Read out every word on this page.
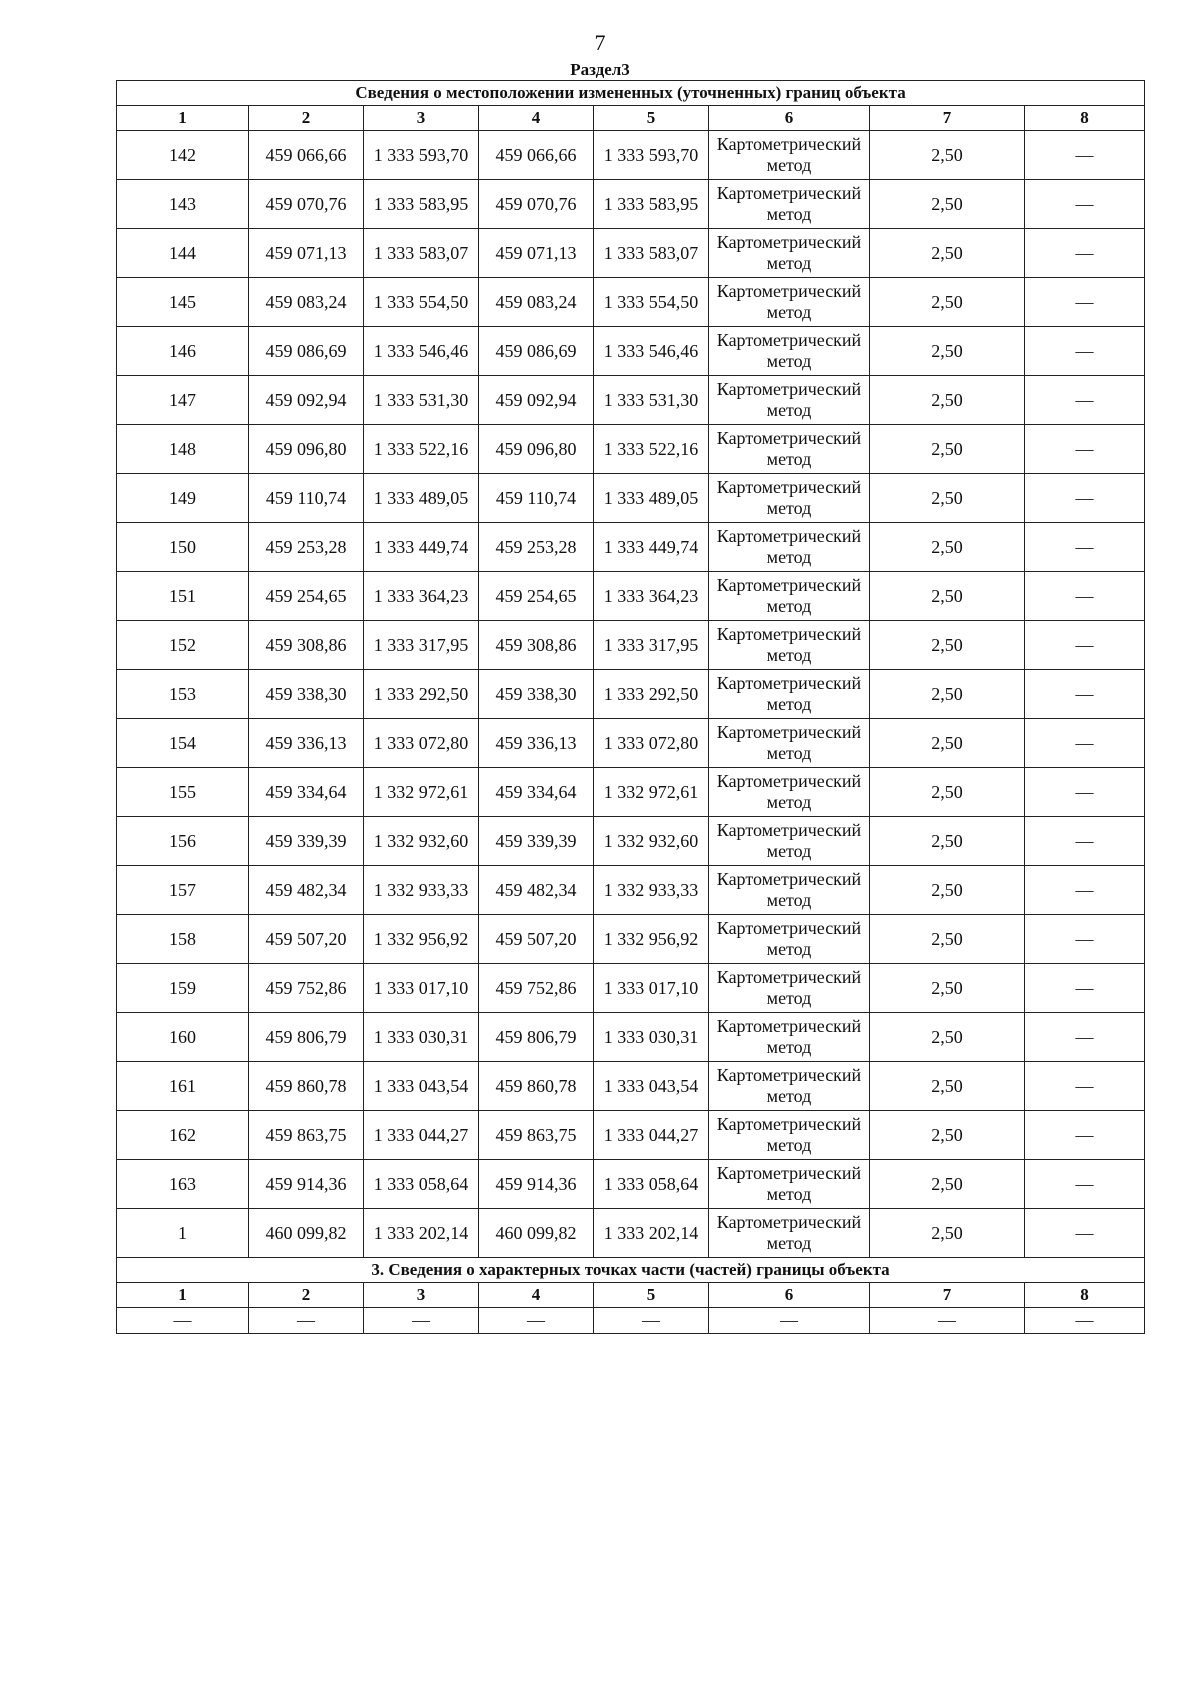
7
Раздел3
Сведения о местоположении измененных (уточненных) границ объекта							
1	2	3	4	5	6	7	8
142	459 066,66	1 333 593,70	459 066,66	1 333 593,70	Картометрический метод	2,50	—
143	459 070,76	1 333 583,95	459 070,76	1 333 583,95	Картометрический метод	2,50	—
144	459 071,13	1 333 583,07	459 071,13	1 333 583,07	Картометрический метод	2,50	—
145	459 083,24	1 333 554,50	459 083,24	1 333 554,50	Картометрический метод	2,50	—
146	459 086,69	1 333 546,46	459 086,69	1 333 546,46	Картометрический метод	2,50	—
147	459 092,94	1 333 531,30	459 092,94	1 333 531,30	Картометрический метод	2,50	—
148	459 096,80	1 333 522,16	459 096,80	1 333 522,16	Картометрический метод	2,50	—
149	459 110,74	1 333 489,05	459 110,74	1 333 489,05	Картометрический метод	2,50	—
150	459 253,28	1 333 449,74	459 253,28	1 333 449,74	Картометрический метод	2,50	—
151	459 254,65	1 333 364,23	459 254,65	1 333 364,23	Картометрический метод	2,50	—
152	459 308,86	1 333 317,95	459 308,86	1 333 317,95	Картометрический метод	2,50	—
153	459 338,30	1 333 292,50	459 338,30	1 333 292,50	Картометрический метод	2,50	—
154	459 336,13	1 333 072,80	459 336,13	1 333 072,80	Картометрический метод	2,50	—
155	459 334,64	1 332 972,61	459 334,64	1 332 972,61	Картометрический метод	2,50	—
156	459 339,39	1 332 932,60	459 339,39	1 332 932,60	Картометрический метод	2,50	—
157	459 482,34	1 332 933,33	459 482,34	1 332 933,33	Картометрический метод	2,50	—
158	459 507,20	1 332 956,92	459 507,20	1 332 956,92	Картометрический метод	2,50	—
159	459 752,86	1 333 017,10	459 752,86	1 333 017,10	Картометрический метод	2,50	—
160	459 806,79	1 333 030,31	459 806,79	1 333 030,31	Картометрический метод	2,50	—
161	459 860,78	1 333 043,54	459 860,78	1 333 043,54	Картометрический метод	2,50	—
162	459 863,75	1 333 044,27	459 863,75	1 333 044,27	Картометрический метод	2,50	—
163	459 914,36	1 333 058,64	459 914,36	1 333 058,64	Картометрический метод	2,50	—
1	460 099,82	1 333 202,14	460 099,82	1 333 202,14	Картометрический метод	2,50	—
3. Сведения о характерных точках части (частей) границы объекта							
1	2	3	4	5	6	7	8
—	—	—	—	—	—	—	—
